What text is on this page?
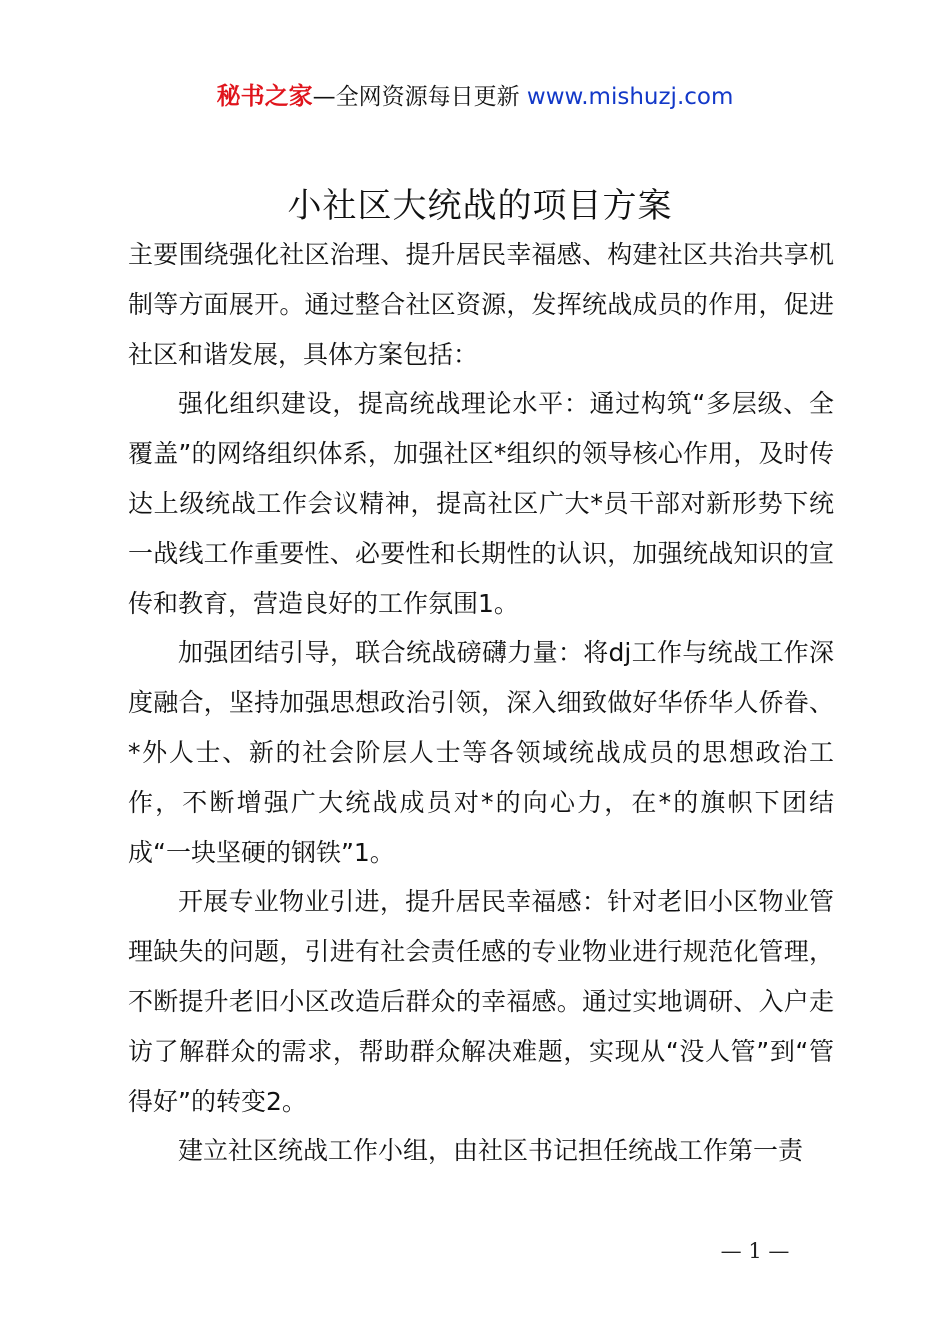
秘书之家—全网资源每日更新 www.mishuzj.com
小社区大统战的项目方案

主要围绕强化社区治理、提升居民幸福感、构建社区共治共享机制等方面展开。通过整合社区资源，发挥统战成员的作用，促进社区和谐发展，具体方案包括：

强化组织建设，提高统战理论水平：通过构筑“多层级、全覆盖”的网络组织体系，加强社区*组织的领导核心作用，及时传达上级统战工作会议精神，提高社区广大*员干部对新形势下统一战线工作重要性、必要性和长期性的认识，加强统战知识的宣传和教育，营造良好的工作氛围1。

加强团结引导，联合统战磅礴力量：将dj工作与统战工作深度融合，坚持加强思想政治引领，深入细致做好华侨华人侨眷、*外人士、新的社会阶层人士等各领域统战成员的思想政治工作，不断增强广大统战成员对*的向心力，在*的旗帜下团结成“一块坚硬的钢铁”1。

开展专业物业引进，提升居民幸福感：针对老旧小区物业管理缺失的问题，引进有社会责任感的专业物业进行规范化管理，不断提升老旧小区改造后群众的幸福感。通过实地调研、入户走访了解群众的需求，帮助群众解决难题，实现从“没人管”到“管得好”的转变2。

建立社区统战工作小组，由社区书记担任统战工作第一责

— 1 —
